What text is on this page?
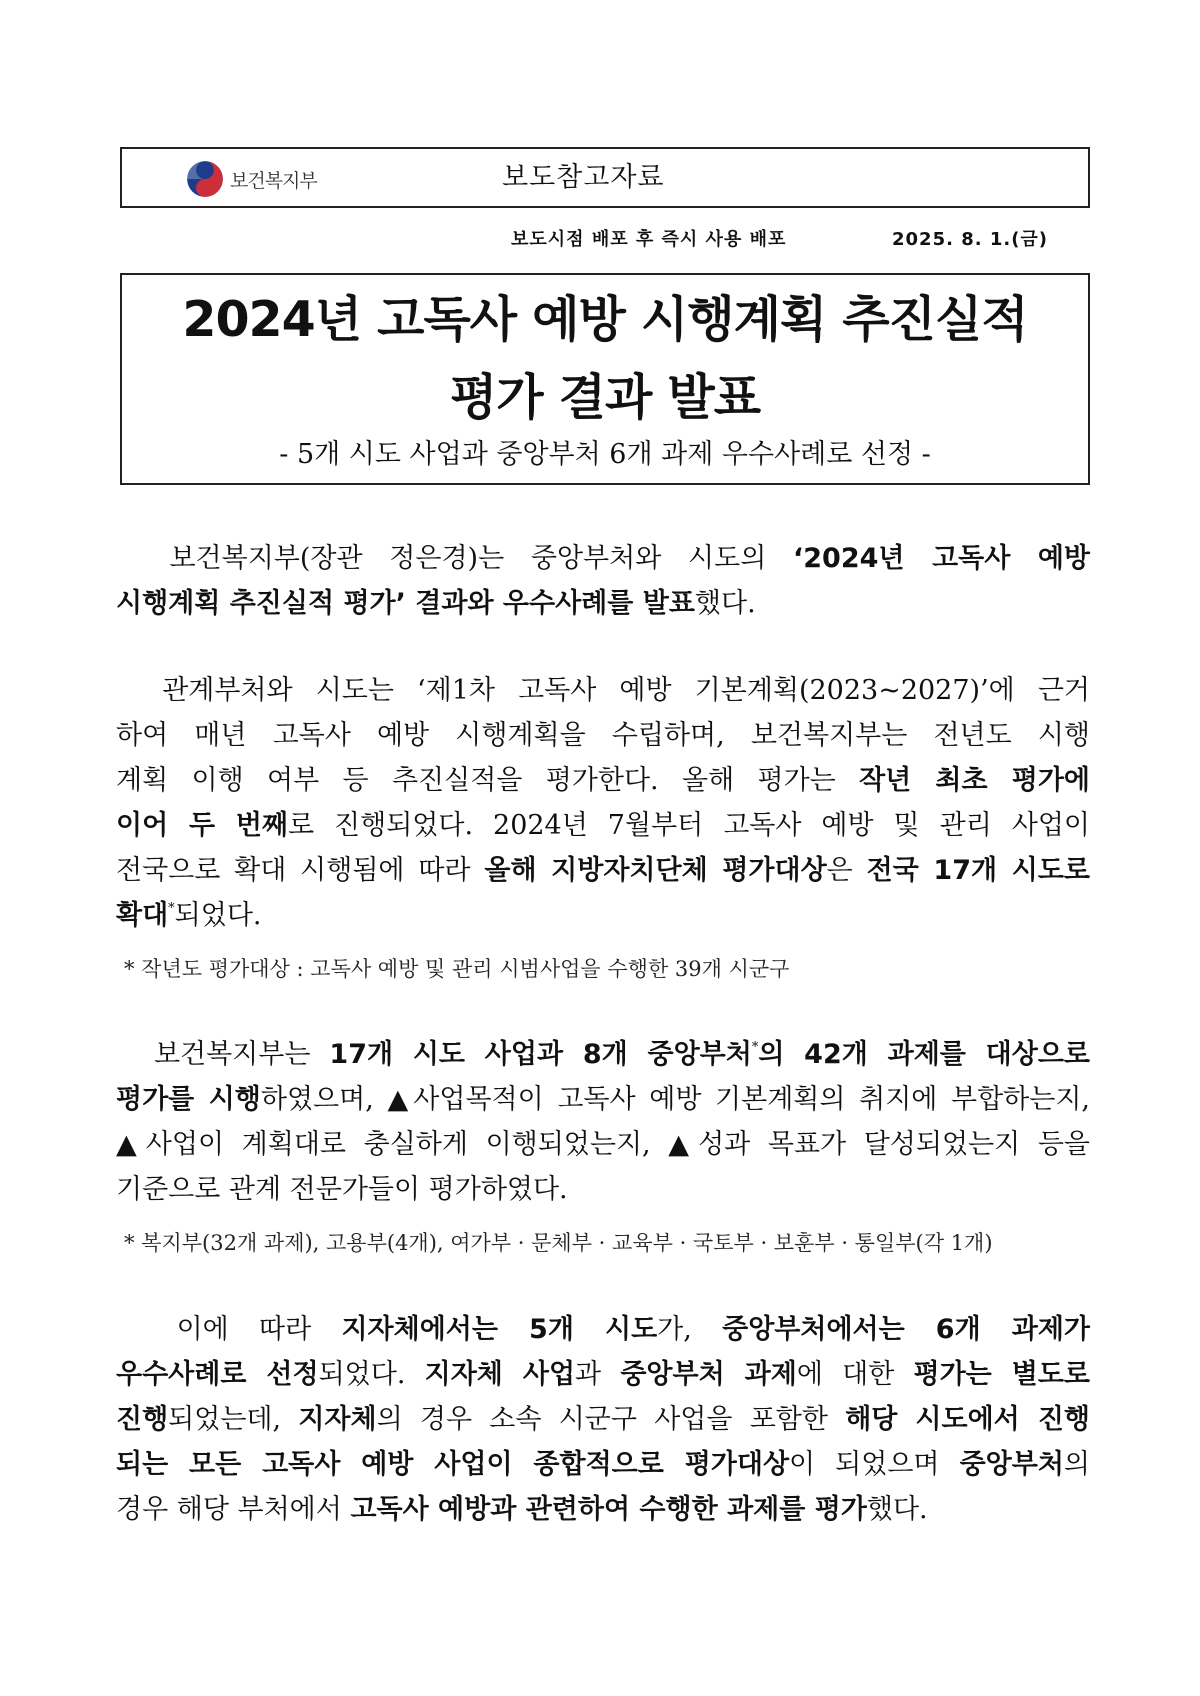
보건복지부	보도참고자료
보도시점 배포 후 즉시 사용 배포	2025. 8. 1.(금)
2024년 고독사 예방 시행계획 추진실적
평가 결과 발표
- 5개 시도 사업과 중앙부처 6개 과제 우수사례로 선정 -
보건복지부(장관 정은경)는 중앙부처와 시도의 ‘2024년 고독사 예방
시행계획 추진실적 평가’ 결과와 우수사례를 발표했다.
관계부처와 시도는 ‘제1차 고독사 예방 기본계획(2023~2027)’에 근거
하여 매년 고독사 예방 시행계획을 수립하며, 보건복지부는 전년도 시행
계획 이행 여부 등 추진실적을 평가한다. 올해 평가는 작년 최초 평가에
이어 두 번째로 진행되었다. 2024년 7월부터 고독사 예방 및 관리 사업이
전국으로 확대 시행됨에 따라 올해 지방자치단체 평가대상은 전국 17개 시도로
확대*되었다.
* 작년도 평가대상 : 고독사 예방 및 관리 시범사업을 수행한 39개 시군구
보건복지부는 17개 시도 사업과 8개 중앙부처*의 42개 과제를 대상으로
평가를 시행하였으며, ▲사업목적이 고독사 예방 기본계획의 취지에 부합하는지,
▲사업이 계획대로 충실하게 이행되었는지, ▲성과 목표가 달성되었는지 등을
기준으로 관계 전문가들이 평가하였다.
* 복지부(32개 과제), 고용부(4개), 여가부 · 문체부 · 교육부 · 국토부 · 보훈부 · 통일부(각 1개)
이에 따라 지자체에서는 5개 시도가, 중앙부처에서는 6개 과제가
우수사례로 선정되었다. 지자체 사업과 중앙부처 과제에 대한 평가는 별도로
진행되었는데, 지자체의 경우 소속 시군구 사업을 포함한 해당 시도에서 진행
되는 모든 고독사 예방 사업이 종합적으로 평가대상이 되었으며 중앙부처의
경우 해당 부처에서 고독사 예방과 관련하여 수행한 과제를 평가했다.
